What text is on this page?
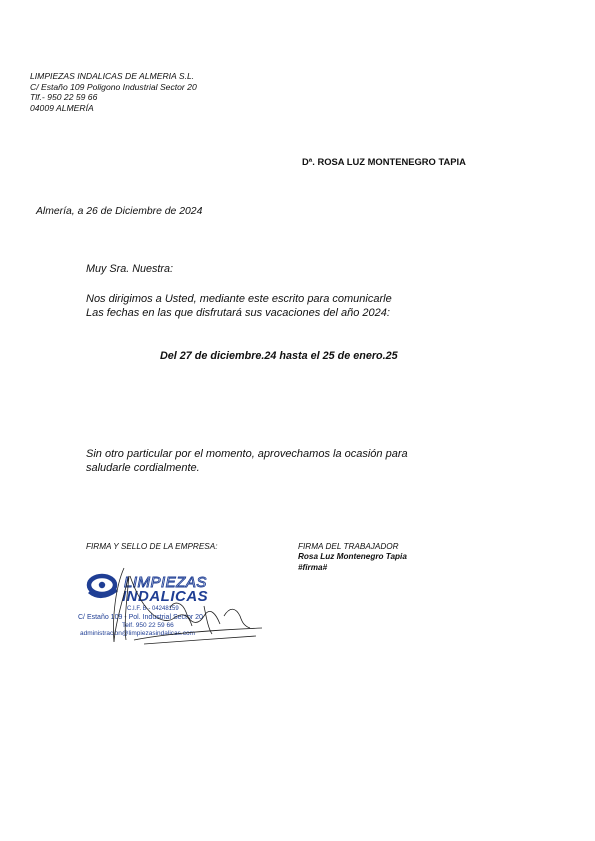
LIMPIEZAS INDALICAS DE ALMERIA S.L.
C/ Estaño 109 Poligono Industrial Sector 20
Tlf.- 950 22 59 66
04009 ALMERÍA
Dª. ROSA LUZ MONTENEGRO TAPIA
Almería, a 26 de Diciembre de 2024
Muy Sra. Nuestra:
Nos dirigimos a Usted, mediante este escrito para comunicarle
Las fechas en las que disfrutará sus vacaciones del año 2024:
Del 27 de diciembre.24 hasta el 25 de enero.25
Sin otro particular por el momento, aprovechamos la ocasión para
saludarle cordialmente.
FIRMA Y SELLO DE LA EMPRESA:	FIRMA DEL TRABAJADOR
Rosa Luz Montenegro Tapia
#firma#
LIMPIEZAS
INDALICAS
C.I.F. B - 04248159
C/ Estaño 109 - Pol. Industrial Sector 20
Telf. 950 22 59 66
administracion@limpiezasindalicas.com
